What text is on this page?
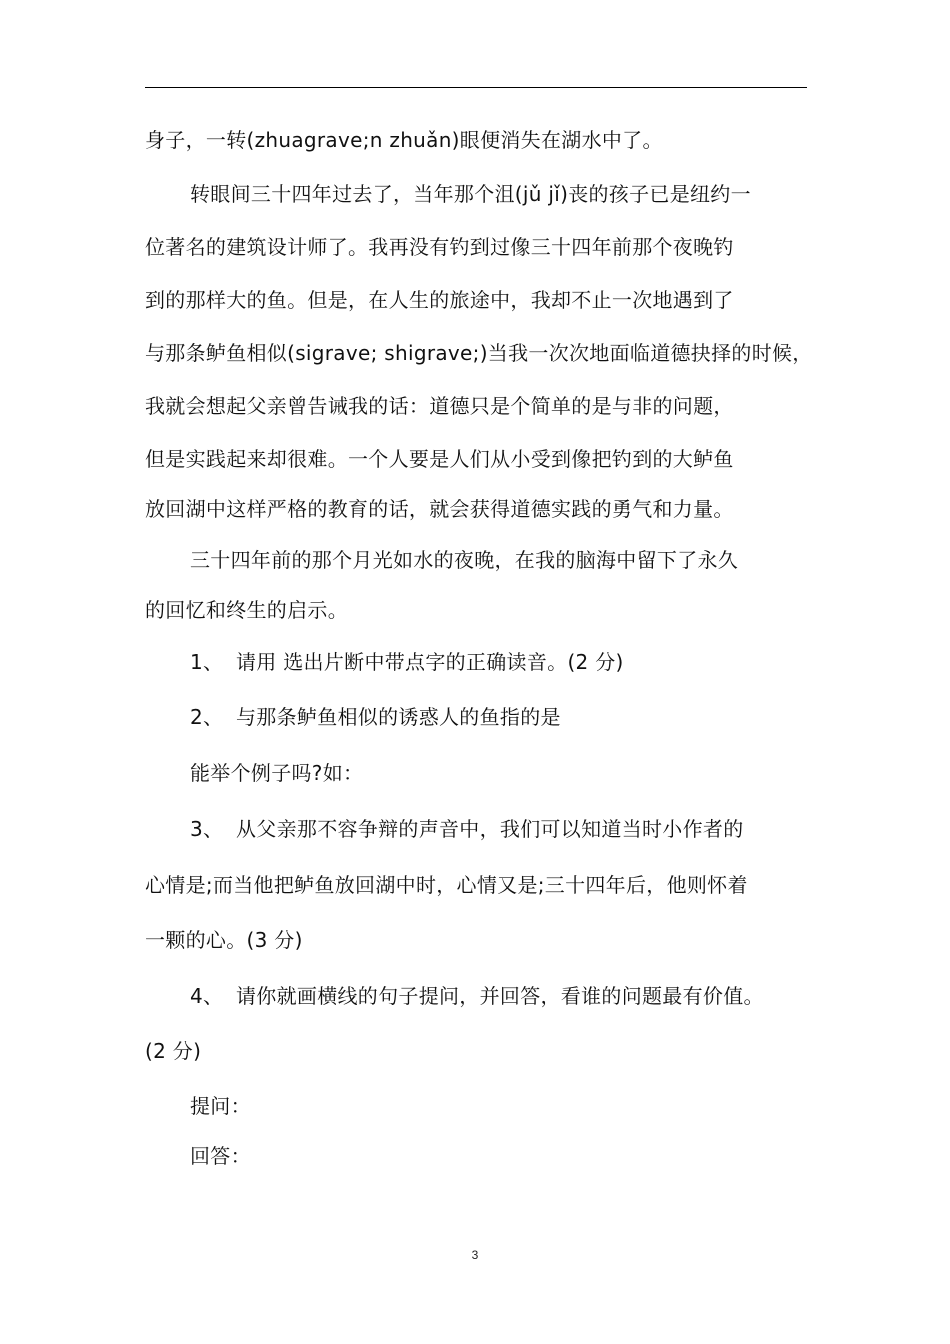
身子，一转(zhuagrave;n zhuǎn)眼便消失在湖水中了。
转眼间三十四年过去了，当年那个沮(jǔ jǐ)丧的孩子已是纽约一
位著名的建筑设计师了。我再没有钓到过像三十四年前那个夜晚钓
到的那样大的鱼。但是，在人生的旅途中，我却不止一次地遇到了
与那条鲈鱼相似(sigrave; shigrave;)当我一次次地面临道德抉择的时候，
我就会想起父亲曾告诫我的话：道德只是个简单的是与非的问题，
但是实践起来却很难。一个人要是人们从小受到像把钓到的大鲈鱼
放回湖中这样严格的教育的话，就会获得道德实践的勇气和力量。
三十四年前的那个月光如水的夜晚，在我的脑海中留下了永久
的回忆和终生的启示。
1、 请用 选出片断中带点字的正确读音。(2 分)
2、 与那条鲈鱼相似的诱惑人的鱼指的是
能举个例子吗?如：
3、 从父亲那不容争辩的声音中，我们可以知道当时小作者的
心情是;而当他把鲈鱼放回湖中时，心情又是;三十四年后，他则怀着
一颗的心。(3 分)
4、 请你就画横线的句子提问，并回答，看谁的问题最有价值。
(2 分)
提问：
回答：
3
